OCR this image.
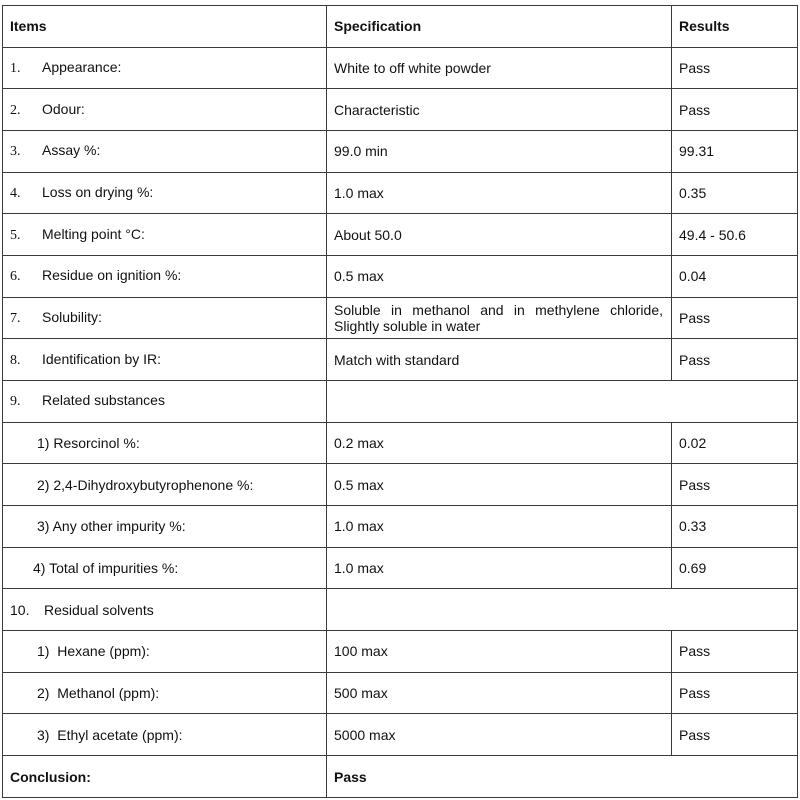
Items	Specification	Results
1. Appearance:	White to off white powder	Pass
2. Odour:	Characteristic	Pass
3. Assay %:	99.0 min	99.31
4. Loss on drying %:	1.0 max	0.35
5. Melting point °C:	About 50.0	49.4 - 50.6
6. Residue on ignition %:	0.5 max	0.04
7. Solubility:	Soluble in methanol and in methylene chloride, Slightly soluble in water	Pass
8. Identification by IR:	Match with standard	Pass
9. Related substances		
1) Resorcinol %:	0.2 max	0.02
2) 2,4-Dihydroxybutyrophenone %:	0.5 max	Pass
3) Any other impurity %:	1.0 max	0.33
4) Total of impurities %:	1.0 max	0.69
10. Residual solvents		
1)  Hexane (ppm):	100 max	Pass
2)  Methanol (ppm):	500 max	Pass
3)  Ethyl acetate (ppm):	5000 max	Pass
Conclusion:	Pass	
